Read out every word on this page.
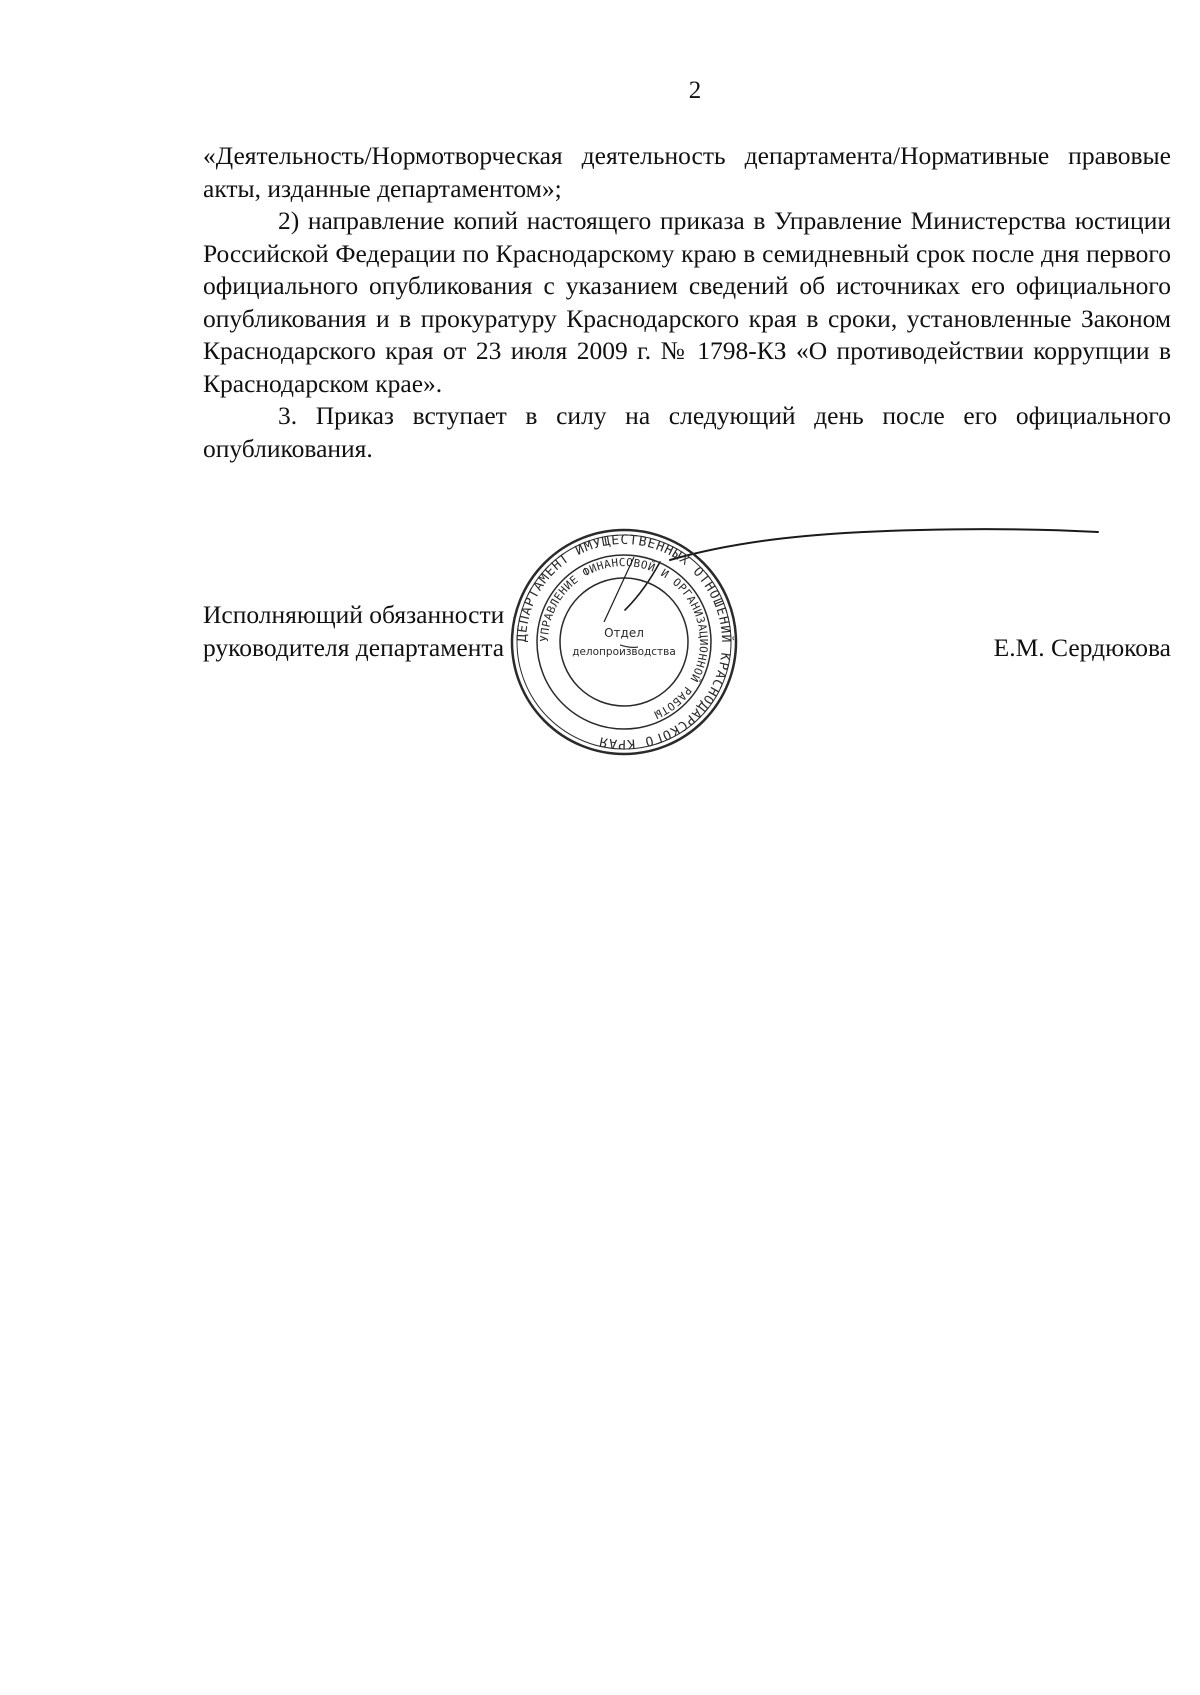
2

«Деятельность/Нормотворческая деятельность департамента/Нормативные правовые акты, изданные департаментом»;

2) направление копий настоящего приказа в Управление Министерства юстиции Российской Федерации по Краснодарскому краю в семидневный срок после дня первого официального опубликования с указанием сведений об источниках его официального опубликования и в прокуратуру Краснодарского края в сроки, установленные Законом Краснодарского края от 23 июля 2009 г. № 1798-КЗ «О противодействии коррупции в Краснодарском крае».

3. Приказ вступает в силу на следующий день после его официального опубликования.

Исполняющий обязанности
руководителя департамента	Е.М. Сердюкова
ДЕПАРТАМЕНТ ИМУЩЕСТВЕННЫХ ОТНОШЕНИЙ КРАСНОДАРСКОГО КРАЯ
УПРАВЛЕНИЕ ФИНАНСОВОЙ И ОРГАНИЗАЦИОННОЙ РАБОТЫ
Отдел
делопроизводства
